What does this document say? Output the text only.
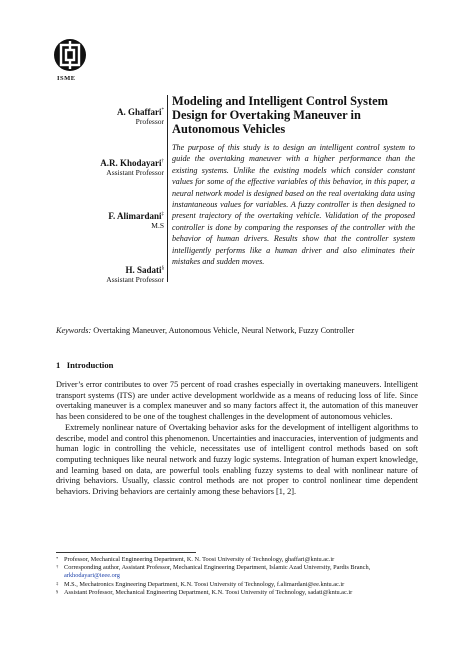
ISME
A. Ghaffari*
Professor
A.R. Khodayari†
Assistant Professor
F. Alimardani‡
M.S
H. Sadati§
Assistant Professor
Modeling and Intelligent Control System Design for Overtaking Maneuver in Autonomous Vehicles
The purpose of this study is to design an intelligent control system to guide the overtaking maneuver with a higher performance than the existing systems. Unlike the existing models which consider constant values for some of the effective variables of this behavior, in this paper, a neural network model is designed based on the real overtaking data using instantaneous values for variables. A fuzzy controller is then designed to present trajectory of the overtaking vehicle. Validation of the proposed controller is done by comparing the responses of the controller with the behavior of human drivers. Results show that the controller system intelligently performs like a human driver and also eliminates their mistakes and sudden moves.
Keywords: Overtaking Maneuver, Autonomous Vehicle, Neural Network, Fuzzy Controller
1 Introduction

Driver’s error contributes to over 75 percent of road crashes especially in overtaking maneuvers. Intelligent transport systems (ITS) are under active development worldwide as a means of reducing loss of life. Since overtaking maneuver is a complex maneuver and so many factors affect it, the automation of this maneuver has been considered to be one of the toughest challenges in the development of autonomous vehicles.

Extremely nonlinear nature of Overtaking behavior asks for the development of intelligent algorithms to describe, model and control this phenomenon. Uncertainties and inaccuracies, intervention of judgments and human logic in controlling the vehicle, necessitates use of intelligent control methods based on soft computing techniques like neural network and fuzzy logic systems. Integration of human expert knowledge, and learning based on data, are powerful tools enabling fuzzy systems to deal with nonlinear nature of driving behaviors. Usually, classic control methods are not proper to control nonlinear time dependent behaviors. Driving behaviors are certainly among these behaviors [1, 2].

* Professor, Mechanical Engineering Department, K. N. Toosi University of Technology, ghaffari@kntu.ac.ir
† Corresponding author, Assistant Professor, Mechanical Engineering Department, Islamic Azad University, Pardis Branch, arkhodayari@ieee.org
‡ M.S., Mechatronics Engineering Department, K.N. Toosi University of Technology, f.alimardani@ee.kntu.ac.ir
§ Assistant Professor, Mechanical Engineering Department, K.N. Toosi University of Technology, sadati@kntu.ac.ir
